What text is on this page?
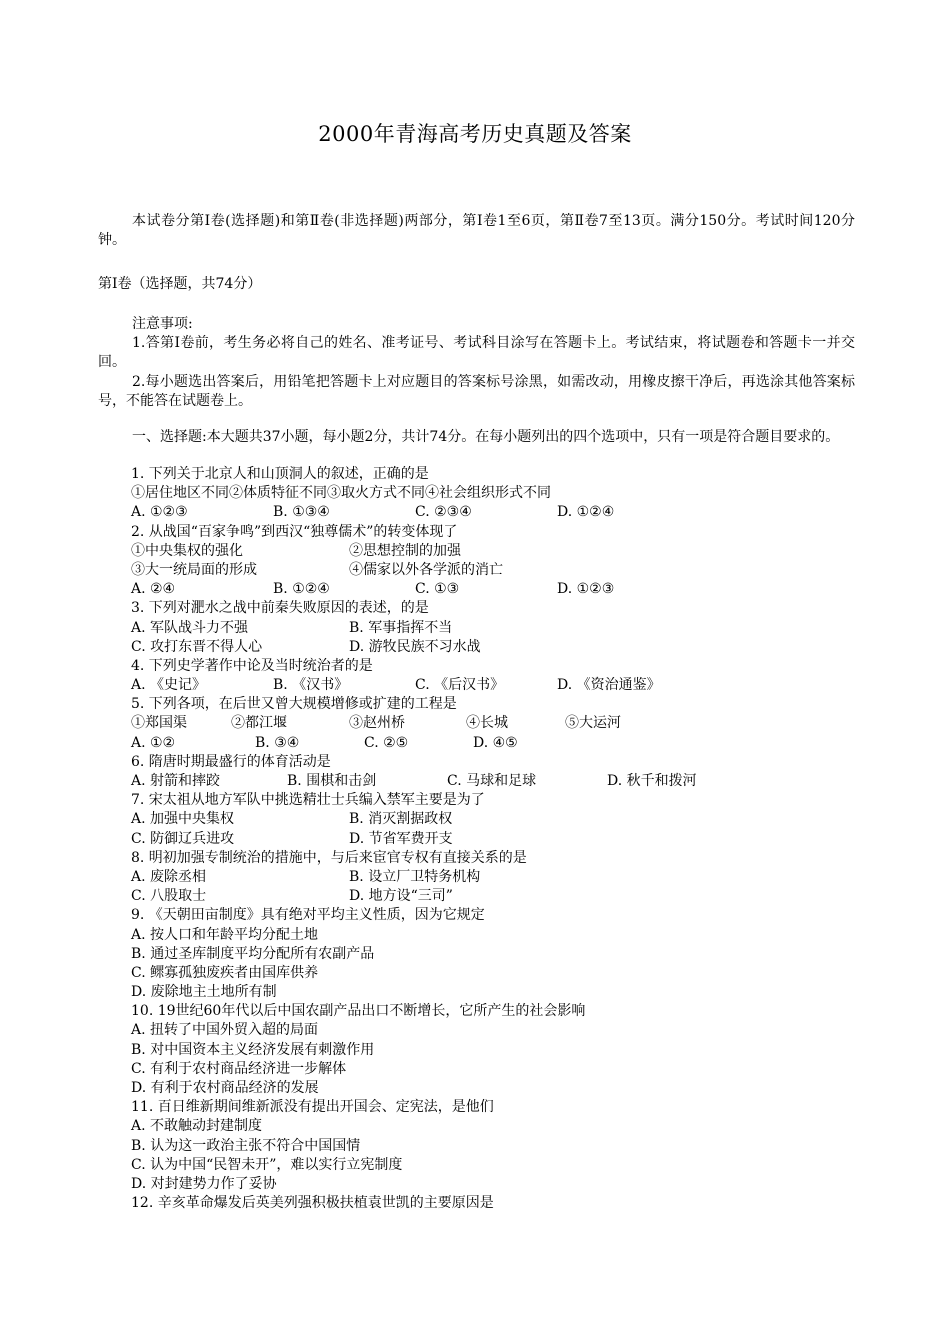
2000年青海高考历史真题及答案

本试卷分第Ⅰ卷(选择题)和第Ⅱ卷(非选择题)两部分，第Ⅰ卷1至6页，第Ⅱ卷7至13页。满分150分。考试时间120分钟。

第Ⅰ卷（选择题，共74分）

注意事项:

1.答第Ⅰ卷前，考生务必将自己的姓名、准考证号、考试科目涂写在答题卡上。考试结束，将试题卷和答题卡一并交回。

2.每小题选出答案后，用铅笔把答题卡上对应题目的答案标号涂黑，如需改动，用橡皮擦干净后，再选涂其他答案标号，不能答在试题卷上。

一、选择题:本大题共37小题，每小题2分，共计74分。在每小题列出的四个选项中，只有一项是符合题目要求的。

1. 下列关于北京人和山顶洞人的叙述，正确的是
①居住地区不同②体质特征不同③取火方式不同④社会组织形式不同
A. ①②③	B. ①③④	C. ②③④	D. ①②④
2. 从战国“百家争鸣”到西汉“独尊儒术”的转变体现了
①中央集权的强化	②思想控制的加强
③大一统局面的形成	④儒家以外各学派的消亡
A. ②④	B. ①②④	C. ①③	D. ①②③
3. 下列对淝水之战中前秦失败原因的表述，的是
A. 军队战斗力不强	B. 军事指挥不当
C. 攻打东晋不得人心	D. 游牧民族不习水战
4. 下列史学著作中论及当时统治者的是
A. 《史记》	B. 《汉书》	C. 《后汉书》	D. 《资治通鉴》
5. 下列各项，在后世又曾大规模增修或扩建的工程是
①郑国渠	②都江堰	③赵州桥	④长城	⑤大运河
A. ①②	B. ③④	C. ②⑤	D. ④⑤
6. 隋唐时期最盛行的体育活动是
A. 射箭和摔跤	B. 围棋和击剑	C. 马球和足球	D. 秋千和拨河
7. 宋太祖从地方军队中挑选精壮士兵编入禁军主要是为了
A. 加强中央集权	B. 消灭割据政权
C. 防御辽兵进攻	D. 节省军费开支
8. 明初加强专制统治的措施中，与后来宦官专权有直接关系的是
A. 废除丞相	B. 设立厂卫特务机构
C. 八股取士	D. 地方设“三司”
9. 《天朝田亩制度》具有绝对平均主义性质，因为它规定
A. 按人口和年龄平均分配土地
B. 通过圣库制度平均分配所有农副产品
C. 鳏寡孤独废疾者由国库供养
D. 废除地主土地所有制
10. 19世纪60年代以后中国农副产品出口不断增长，它所产生的社会影响
A. 扭转了中国外贸入超的局面
B. 对中国资本主义经济发展有刺激作用
C. 有利于农村商品经济进一步解体
D. 有利于农村商品经济的发展
11. 百日维新期间维新派没有提出开国会、定宪法，是他们
A. 不敢触动封建制度
B. 认为这一政治主张不符合中国国情
C. 认为中国“民智未开”，难以实行立宪制度
D. 对封建势力作了妥协
12. 辛亥革命爆发后英美列强积极扶植袁世凯的主要原因是
